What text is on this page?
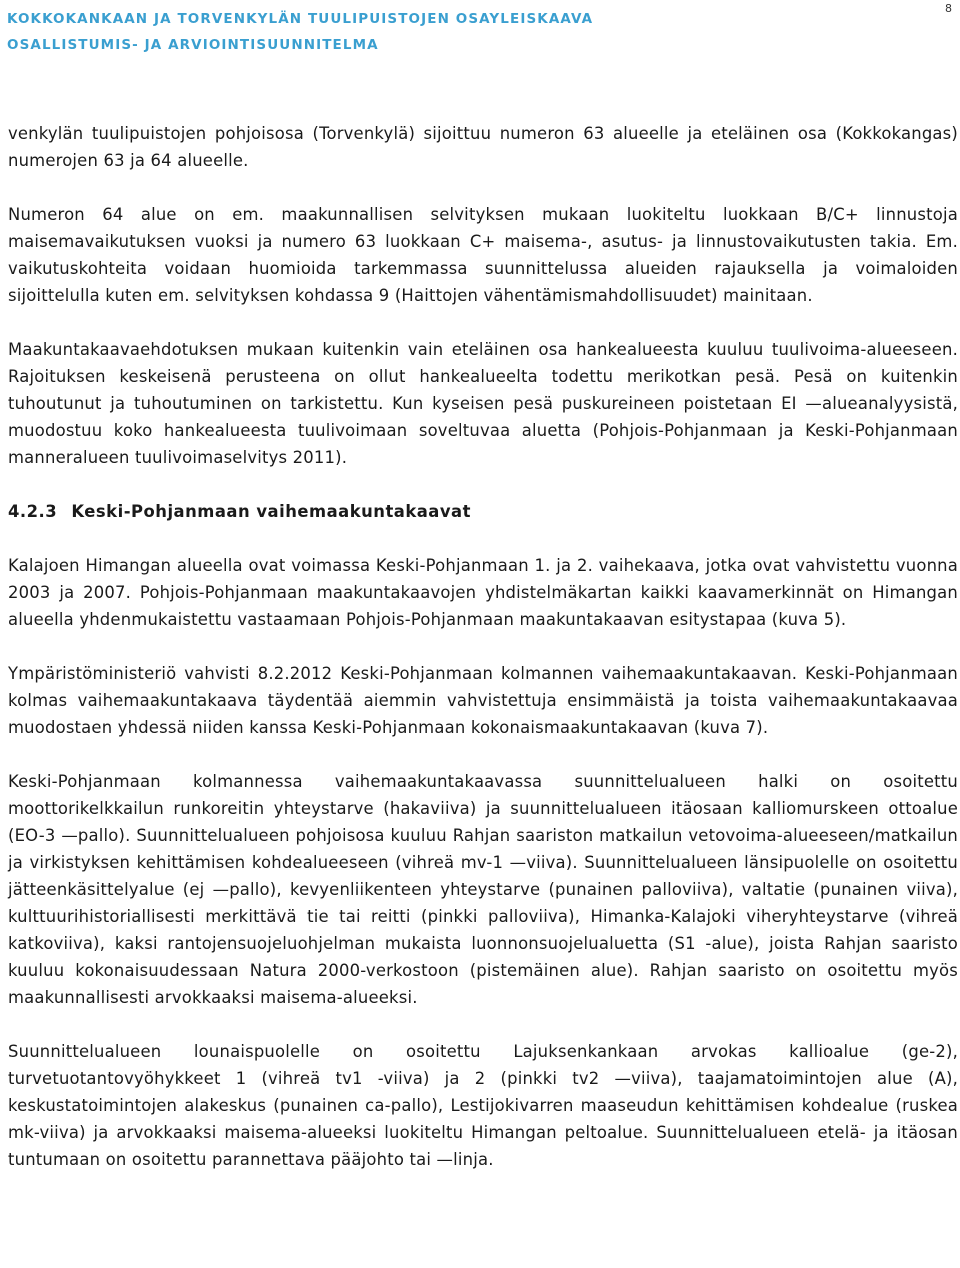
KOKKOKANKAAN JA TORVENKYLÄN TUULIPUISTOJEN OSAYLEISKAAVA
OSALLISTUMIS- JA ARVIOINTISUUNNITELMA
8

venkylän tuulipuistojen pohjoisosa (Torvenkylä) sijoittuu numeron 63 alueelle ja eteläinen osa (Kokkokangas) numerojen 63 ja 64 alueelle.

Numeron 64 alue on em. maakunnallisen selvityksen mukaan luokiteltu luokkaan B/C+ linnustoja maisemavaikutuksen vuoksi ja numero 63 luokkaan C+ maisema-, asutus- ja linnustovaikutusten takia. Em. vaikutuskohteita voidaan huomioida tarkemmassa suunnittelussa alueiden rajauksella ja voimaloiden sijoittelulla kuten em. selvityksen kohdassa 9 (Haittojen vähentämismahdollisuudet) mainitaan.

Maakuntakaavaehdotuksen mukaan kuitenkin vain eteläinen osa hankealueesta kuuluu tuulivoima-alueeseen. Rajoituksen keskeisenä perusteena on ollut hankealueelta todettu merikotkan pesä. Pesä on kuitenkin tuhoutunut ja tuhoutuminen on tarkistettu. Kun kyseisen pesä puskureineen poistetaan EI —alueanalyysistä, muodostuu koko hankealueesta tuulivoimaan soveltuvaa aluetta (Pohjois-Pohjanmaan ja Keski-Pohjanmaan manneralueen tuulivoimaselvitys 2011).

4.2.3 Keski-Pohjanmaan vaihemaakuntakaavat

Kalajoen Himangan alueella ovat voimassa Keski-Pohjanmaan 1. ja 2. vaihekaava, jotka ovat vahvistettu vuonna 2003 ja 2007. Pohjois-Pohjanmaan maakuntakaavojen yhdistelmäkartan kaikki kaavamerkinnät on Himangan alueella yhdenmukaistettu vastaamaan Pohjois-Pohjanmaan maakuntakaavan esitystapaa (kuva 5).

Ympäristöministeriö vahvisti 8.2.2012 Keski-Pohjanmaan kolmannen vaihemaakuntakaavan. Keski-Pohjanmaan kolmas vaihemaakuntakaava täydentää aiemmin vahvistettuja ensimmäistä ja toista vaihemaakuntakaavaa muodostaen yhdessä niiden kanssa Keski-Pohjanmaan kokonaismaakuntakaavan (kuva 7).

Keski-Pohjanmaan kolmannessa vaihemaakuntakaavassa suunnittelualueen halki on osoitettu moottorikelkkailun runkoreitin yhteystarve (hakaviiva) ja suunnittelualueen itäosaan kalliomurskeen ottoalue (EO-3 —pallo). Suunnittelualueen pohjoisosa kuuluu Rahjan saariston matkailun vetovoima-alueeseen/matkailun ja virkistyksen kehittämisen kohdealueeseen (vihreä mv-1 —viiva). Suunnittelualueen länsipuolelle on osoitettu jätteenkäsittelyalue (ej —pallo), kevyenliikenteen yhteystarve (punainen palloviiva), valtatie (punainen viiva), kulttuurihistoriallisesti merkittävä tie tai reitti (pinkki palloviiva), Himanka-Kalajoki viheryhteystarve (vihreä katkoviiva), kaksi rantojensuojeluohjelman mukaista luonnonsuojelualuetta (S1 -alue), joista Rahjan saaristo kuuluu kokonaisuudessaan Natura 2000-verkostoon (pistemäinen alue). Rahjan saaristo on osoitettu myös maakunnallisesti arvokkaaksi maisema-alueeksi.

Suunnittelualueen lounaispuolelle on osoitettu Lajuksenkankaan arvokas kallioalue (ge-2), turvetuotantovyöhykkeet 1 (vihreä tv1 -viiva) ja 2 (pinkki tv2 —viiva), taajamatoimintojen alue (A), keskustatoimintojen alakeskus (punainen ca-pallo), Lestijokivarren maaseudun kehittämisen kohdealue (ruskea mk-viiva) ja arvokkaaksi maisema-alueeksi luokiteltu Himangan peltoalue. Suunnittelualueen etelä- ja itäosan tuntumaan on osoitettu parannettava pääjohto tai —linja.
